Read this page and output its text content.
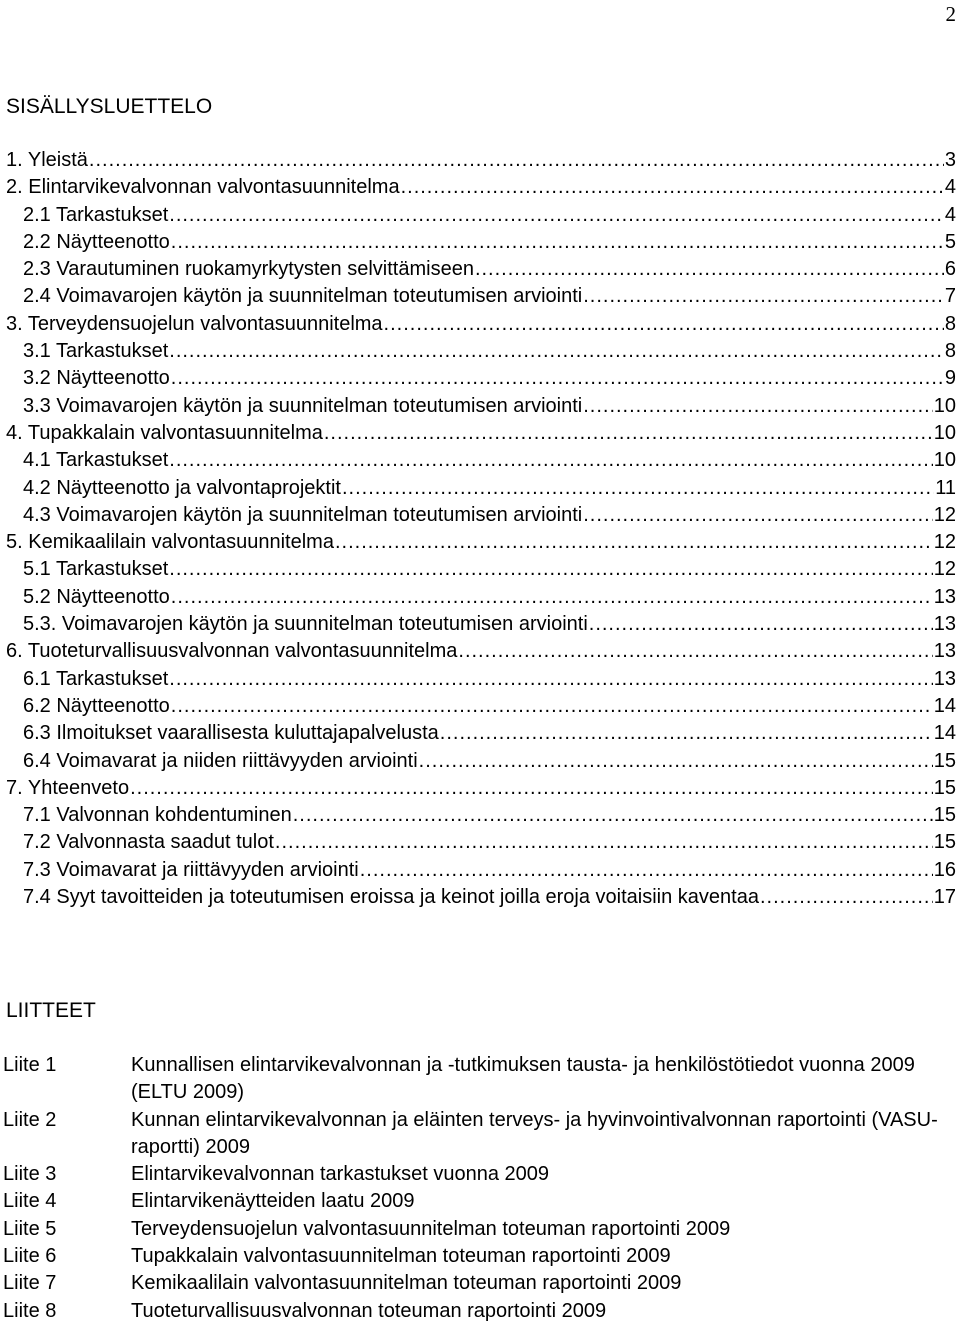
2
SISÄLLYSLUETTELO
1. Yleistä .....	3
2. Elintarvikevalvonnan valvontasuunnitelma .....	4
2.1 Tarkastukset .....	4
2.2 Näytteenotto .....	5
2.3 Varautuminen ruokamyrkytysten selvittämiseen .....	6
2.4 Voimavarojen käytön ja suunnitelman toteutumisen arviointi .....	7
3. Terveydensuojelun valvontasuunnitelma .....	8
3.1 Tarkastukset .....	8
3.2 Näytteenotto .....	9
3.3 Voimavarojen käytön ja suunnitelman toteutumisen arviointi .....	10
4. Tupakkalain valvontasuunnitelma .....	10
4.1 Tarkastukset .....	10
4.2 Näytteenotto ja valvontaprojektit .....	11
4.3 Voimavarojen käytön ja suunnitelman toteutumisen arviointi .....	12
5. Kemikaalilain valvontasuunnitelma .....	12
5.1 Tarkastukset .....	12
5.2 Näytteenotto .....	13
5.3. Voimavarojen käytön ja suunnitelman toteutumisen arviointi .....	13
6. Tuoteturvallisuusvalvonnan valvontasuunnitelma .....	13
6.1 Tarkastukset .....	13
6.2 Näytteenotto .....	14
6.3 Ilmoitukset vaarallisesta kuluttajapalvelusta .....	14
6.4 Voimavarat ja niiden riittävyyden arviointi .....	15
7. Yhteenveto .....	15
7.1 Valvonnan kohdentuminen .....	15
7.2 Valvonnasta saadut tulot .....	15
7.3 Voimavarat ja riittävyyden arviointi .....	16
7.4 Syyt tavoitteiden ja toteutumisen eroissa ja keinot joilla eroja voitaisiin kaventaa .....	17
LIITTEET
Liite 1	Kunnallisen elintarvikevalvonnan ja -tutkimuksen tausta- ja henkilöstötiedot vuonna 2009 (ELTU 2009)
Liite 2	Kunnan elintarvikevalvonnan ja eläinten terveys- ja hyvinvointivalvonnan raportointi (VASU-raportti) 2009
Liite 3	Elintarvikevalvonnan tarkastukset vuonna 2009
Liite 4	Elintarvikenäytteiden laatu 2009
Liite 5	Terveydensuojelun valvontasuunnitelman toteuman raportointi 2009
Liite 6	Tupakkalain valvontasuunnitelman toteuman raportointi 2009
Liite 7	Kemikaalilain valvontasuunnitelman toteuman raportointi 2009
Liite 8	Tuoteturvallisuusvalvonnan toteuman raportointi 2009
